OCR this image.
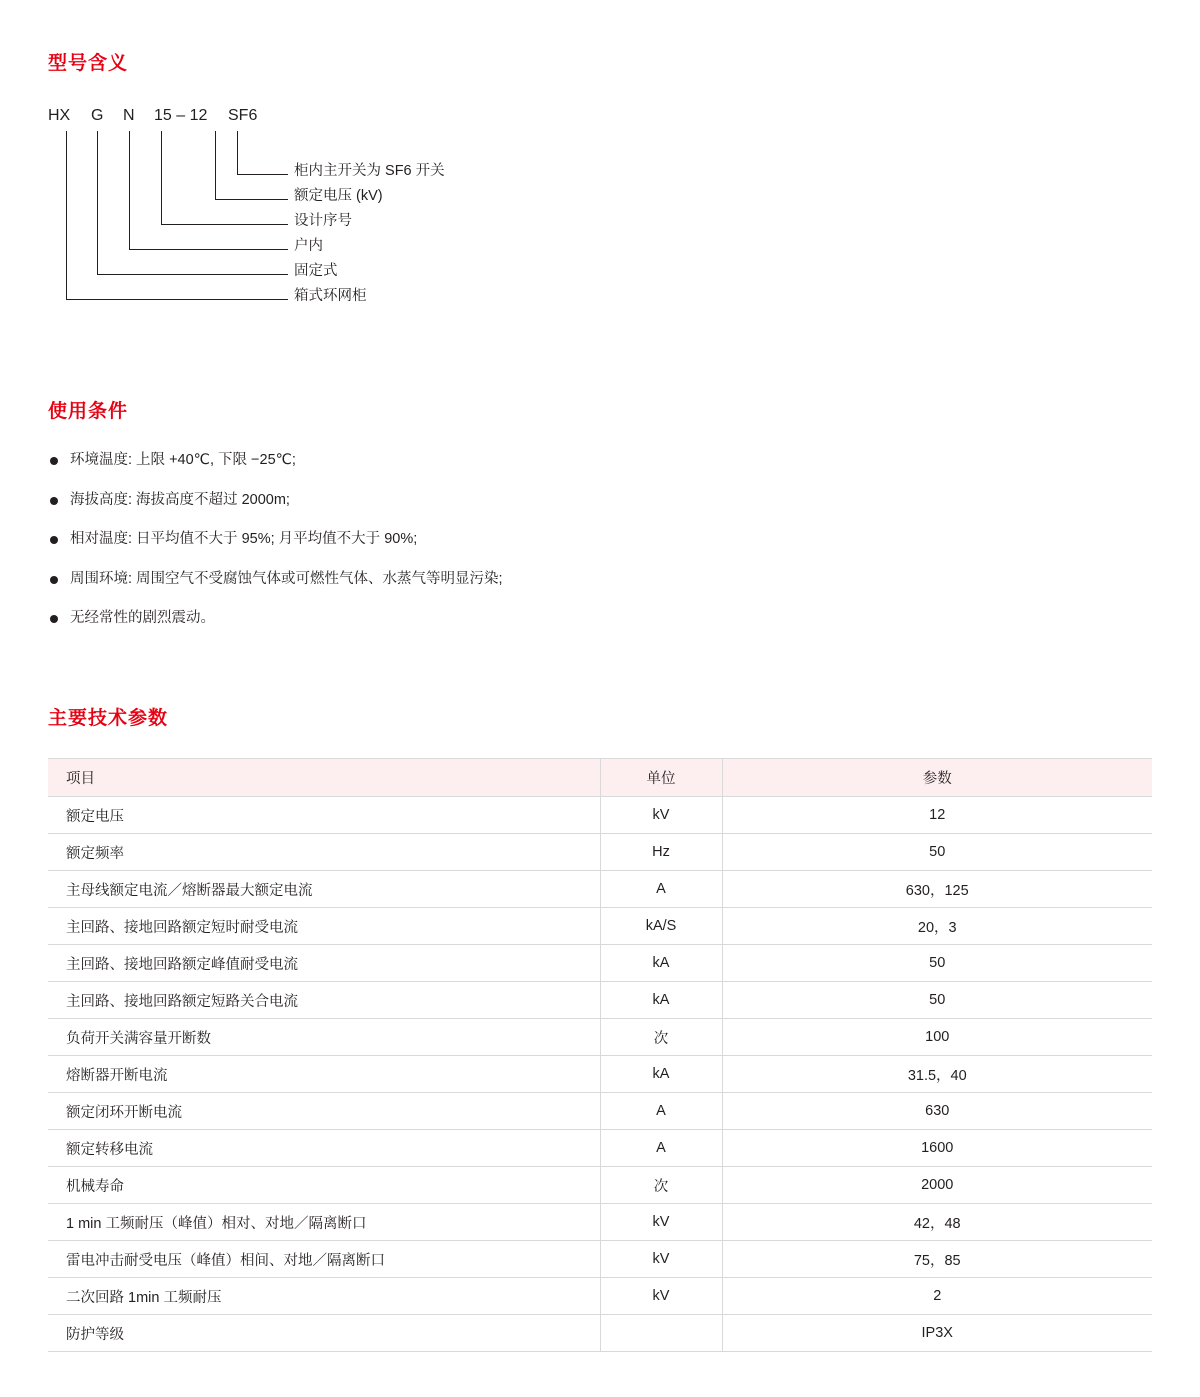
型号含义
HX G N 15 – 12 SF6
柜内主开关为 SF6 开关
额定电压 (kV)
设计序号
户内
固定式
箱式环网柜
使用条件
环境温度: 上限 +40℃, 下限 −25℃;
海拔高度: 海拔高度不超过 2000m;
相对温度: 日平均值不大于 95%; 月平均值不大于 90%;
周围环境: 周围空气不受腐蚀气体或可燃性气体、水蒸气等明显污染;
无经常性的剧烈震动。
主要技术参数
项目	单位	参数
额定电压	kV	12
额定频率	Hz	50
主母线额定电流／熔断器最大额定电流	A	630，125
主回路、接地回路额定短时耐受电流	kA/S	20，3
主回路、接地回路额定峰值耐受电流	kA	50
主回路、接地回路额定短路关合电流	kA	50
负荷开关满容量开断数	次	100
熔断器开断电流	kA	31.5，40
额定闭环开断电流	A	630
额定转移电流	A	1600
机械寿命	次	2000
1 min 工频耐压（峰值）相对、对地／隔离断口	kV	42，48
雷电冲击耐受电压（峰值）相间、对地／隔离断口	kV	75，85
二次回路 1min 工频耐压	kV	2
防护等级		IP3X
